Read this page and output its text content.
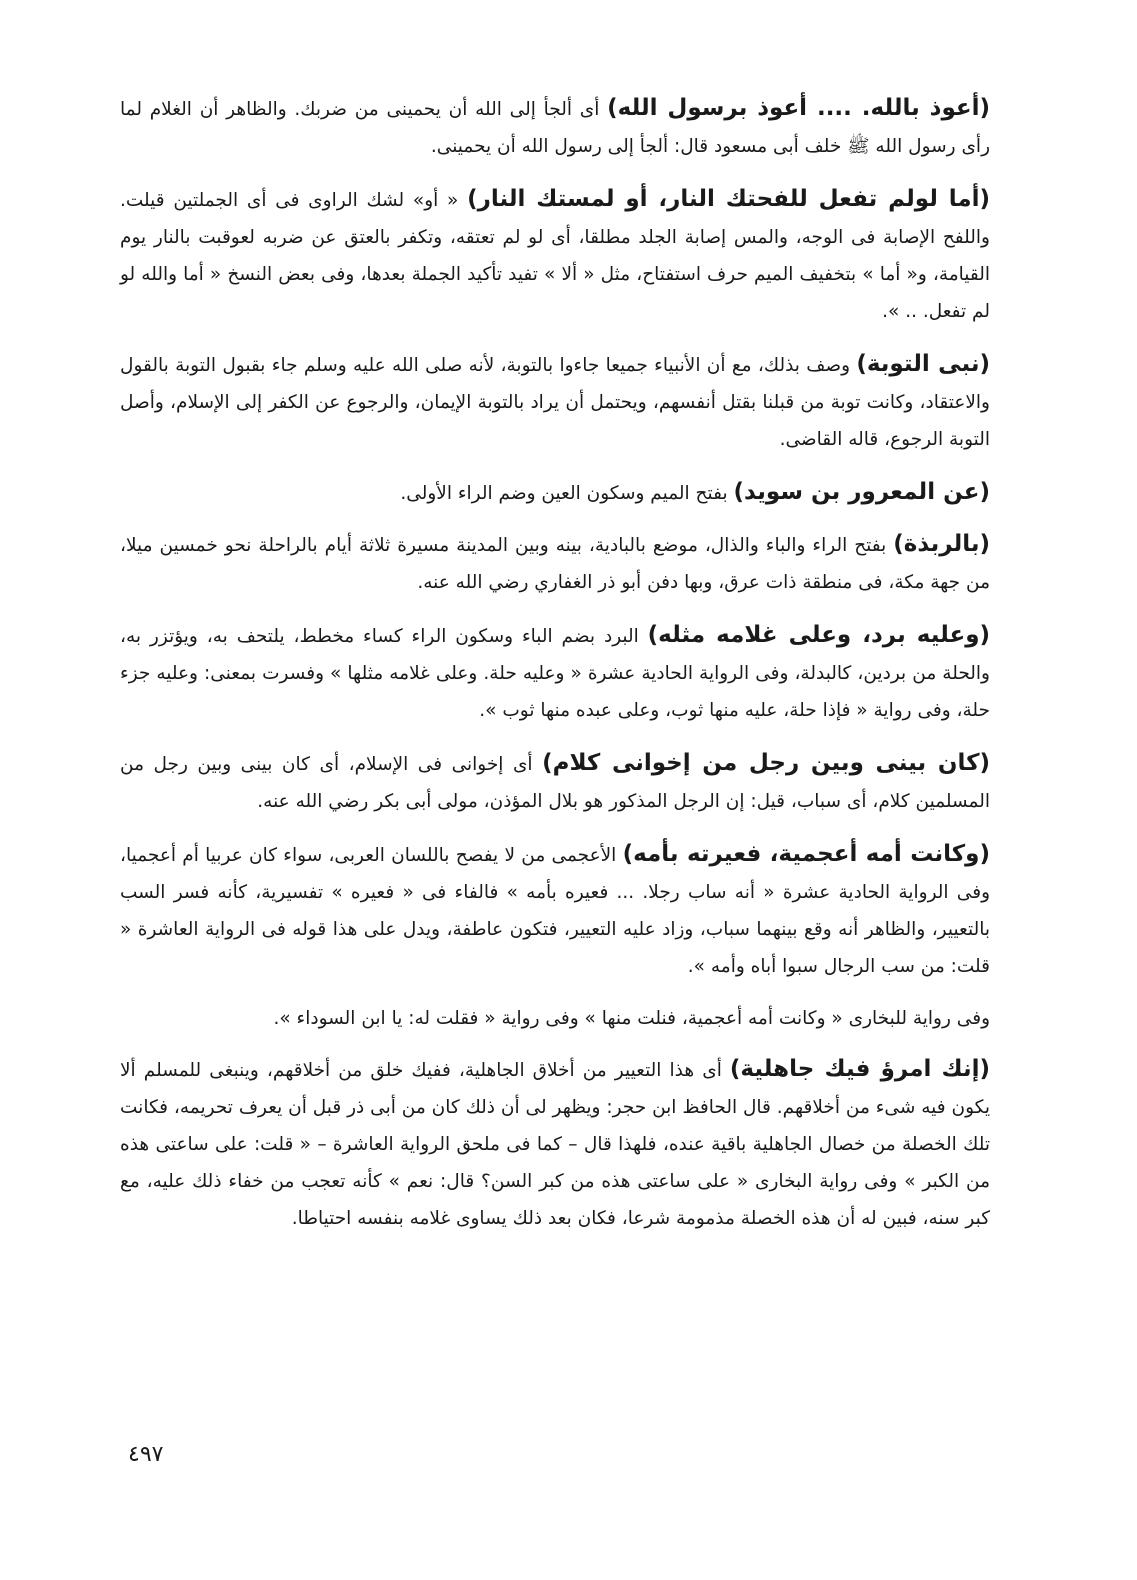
(أعوذ بالله. .... أعوذ برسول الله) أى ألجأ إلى الله أن يحمينى من ضربك. والظاهر أن الغلام لما رأى رسول الله ﷺ خلف أبى مسعود قال: ألجأ إلى رسول الله أن يحمينى.

(أما لولم تفعل للفحتك النار، أو لمستك النار) « أو» لشك الراوى فى أى الجملتين قيلت. واللفح الإصابة فى الوجه، والمس إصابة الجلد مطلقا، أى لو لم تعتقه، وتكفر بالعتق عن ضربه لعوقبت بالنار يوم القيامة، و« أما » بتخفيف الميم حرف استفتاح، مثل « ألا » تفيد تأكيد الجملة بعدها، وفى بعض النسخ « أما والله لو لم تفعل. .. ».

(نبى التوبة) وصف بذلك، مع أن الأنبياء جميعا جاءوا بالتوبة، لأنه صلى الله عليه وسلم جاء بقبول التوبة بالقول والاعتقاد، وكانت توبة من قبلنا بقتل أنفسهم، ويحتمل أن يراد بالتوبة الإيمان، والرجوع عن الكفر إلى الإسلام، وأصل التوبة الرجوع، قاله القاضى.

(عن المعرور بن سويد) بفتح الميم وسكون العين وضم الراء الأولى.

(بالربذة) بفتح الراء والباء والذال، موضع بالبادية، بينه وبين المدينة مسيرة ثلاثة أيام بالراحلة نحو خمسين ميلا، من جهة مكة، فى منطقة ذات عرق، وبها دفن أبو ذر الغفاري رضي الله عنه.

(وعليه برد، وعلى غلامه مثله) البرد بضم الباء وسكون الراء كساء مخطط، يلتحف به، ويؤتزر به، والحلة من بردين، كالبدلة، وفى الرواية الحادية عشرة « وعليه حلة. وعلى غلامه مثلها » وفسرت بمعنى: وعليه جزء حلة، وفى رواية « فإذا حلة، عليه منها ثوب، وعلى عبده منها ثوب ».

(كان بينى وبين رجل من إخوانى كلام) أى إخوانى فى الإسلام، أى كان بينى وبين رجل من المسلمين كلام، أى سباب، قيل: إن الرجل المذكور هو بلال المؤذن، مولى أبى بكر رضي الله عنه.

(وكانت أمه أعجمية، فعيرته بأمه) الأعجمى من لا يفصح باللسان العربى، سواء كان عربيا أم أعجميا، وفى الرواية الحادية عشرة « أنه ساب رجلا. ... فعيره بأمه » فالفاء فى « فعيره » تفسيرية، كأنه فسر السب بالتعيير، والظاهر أنه وقع بينهما سباب، وزاد عليه التعيير، فتكون عاطفة، ويدل على هذا قوله فى الرواية العاشرة « قلت: من سب الرجال سبوا أباه وأمه ».

وفى رواية للبخارى « وكانت أمه أعجمية، فنلت منها » وفى رواية « فقلت له: يا ابن السوداء ».

(إنك امرؤ فيك جاهلية) أى هذا التعيير من أخلاق الجاهلية، ففيك خلق من أخلاقهم، وينبغى للمسلم ألا يكون فيه شىء من أخلاقهم. قال الحافظ ابن حجر: ويظهر لى أن ذلك كان من أبى ذر قبل أن يعرف تحريمه، فكانت تلك الخصلة من خصال الجاهلية باقية عنده، فلهذا قال – كما فى ملحق الرواية العاشرة – « قلت: على ساعتى هذه من الكبر » وفى رواية البخارى « على ساعتى هذه من كبر السن؟ قال: نعم » كأنه تعجب من خفاء ذلك عليه، مع كبر سنه، فبين له أن هذه الخصلة مذمومة شرعا، فكان بعد ذلك يساوى غلامه بنفسه احتياطا.

٤٩٧
